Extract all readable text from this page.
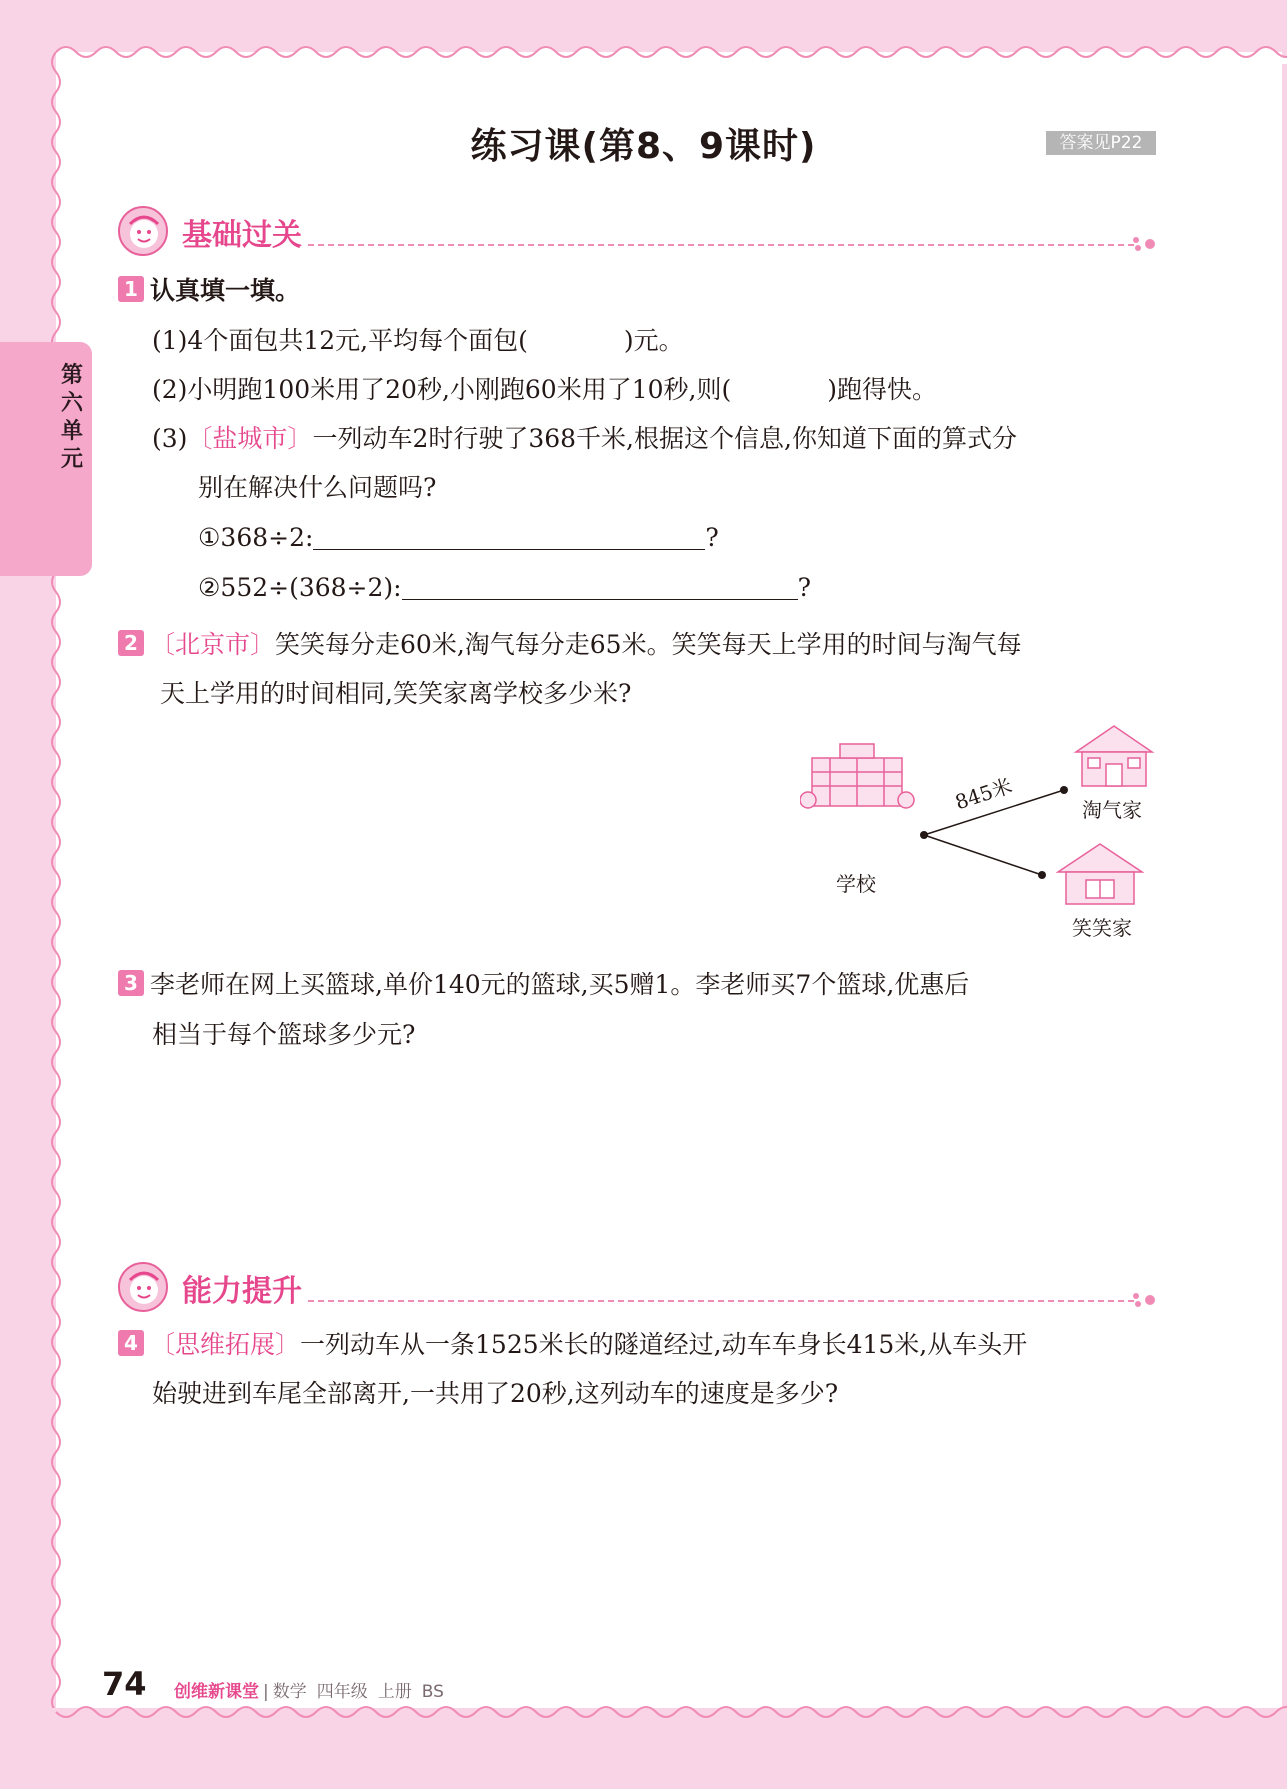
第六单元
练习课(第8、9课时)	答案见P22
基础过关
1 认真填一填。
(1)4个面包共12元,平均每个面包(	)元。
(2)小明跑100米用了20秒,小刚跑60米用了10秒,则(	)跑得快。
(3)〔盐城市〕一列动车2时行驶了368千米,根据这个信息,你知道下面的算式分
别在解决什么问题吗?
①368÷2:	?
②552÷(368÷2):	?
2 〔北京市〕笑笑每分走60米,淘气每分走65米。笑笑每天上学用的时间与淘气每
天上学用的时间相同,笑笑家离学校多少米?
845米
学校
淘气家
笑笑家
3 李老师在网上买篮球,单价140元的篮球,买5赠1。李老师买7个篮球,优惠后
相当于每个篮球多少元?
能力提升
4 〔思维拓展〕一列动车从一条1525米长的隧道经过,动车车身长415米,从车头开
始驶进到车尾全部离开,一共用了20秒,这列动车的速度是多少?
74 创维新课堂 | 数学 四年级 上册 BS
